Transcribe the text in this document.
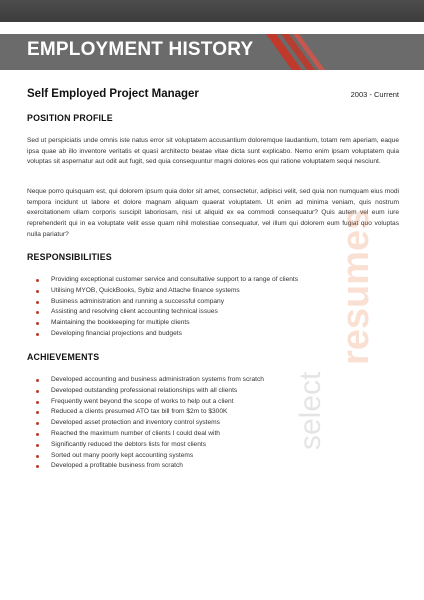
EMPLOYMENT HISTORY
Self Employed Project Manager	2003 - Current
POSITION PROFILE

Sed ut perspiciatis unde omnis iste natus error sit voluptatem accusantium doloremque laudantium, totam rem aperiam, eaque ipsa quae ab illo inventore veritatis et quasi architecto beatae vitae dicta sunt explicabo. Nemo enim ipsam voluptatem quia voluptas sit aspernatur aut odit aut fugit, sed quia consequuntur magni dolores eos qui ratione voluptatem sequi nesciunt.

Neque porro quisquam est, qui dolorem ipsum quia dolor sit amet, consectetur, adipisci velit, sed quia non numquam eius modi tempora incidunt ut labore et dolore magnam aliquam quaerat voluptatem. Ut enim ad minima veniam, quis nostrum exercitationem ullam corporis suscipit laboriosam, nisi ut aliquid ex ea commodi consequatur? Quis autem vel eum iure reprehenderit qui in ea voluptate velit esse quam nihil molestiae consequatur, vel illum qui dolorem eum fugiat quo voluptas nulla pariatur?

RESPONSIBILITIES
Providing exceptional customer service and consultative support to a range of clients
Utilising MYOB, QuickBooks, Sybiz and Attache finance systems
Business administration and running a successful company
Assisting and resolving client accounting technical issues
Maintaining the bookkeeping for multiple clients
Developing financial projections and budgets
ACHIEVEMENTS
Developed accounting and business administration systems from scratch
Developed outstanding professional relationships with all clients
Frequently went beyond the scope of works to help out a client
Reduced a clients presumed ATO tax bill from $2m to $300K
Developed asset protection and inventory control systems
Reached the maximum number of clients I could deal with
Significantly reduced the debtors lists for most clients
Sorted out many poorly kept accounting systems
Developed a profitable business from scratch
select
resumes
